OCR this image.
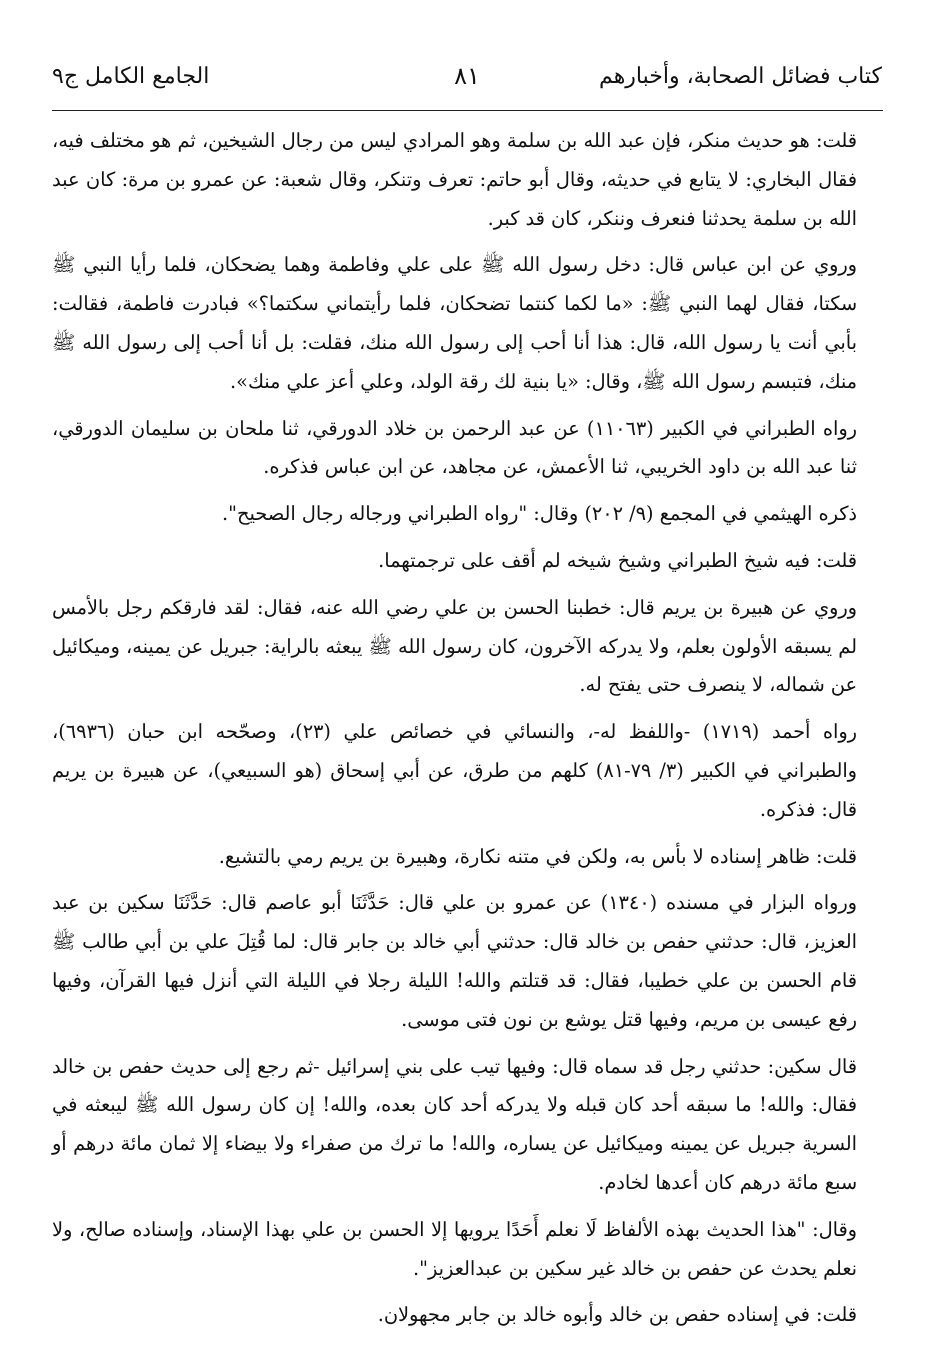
كتاب فضائل الصحابة، وأخبارهم
٨١
الجامع الكامل ج٩

قلت: هو حديث منكر، فإن عبد الله بن سلمة وهو المرادي ليس من رجال الشيخين، ثم هو مختلف فيه، فقال البخاري: لا يتابع في حديثه، وقال أبو حاتم: تعرف وتنكر، وقال شعبة: عن عمرو بن مرة: كان عبد الله بن سلمة يحدثنا فنعرف وننكر، كان قد كبر.

وروي عن ابن عباس قال: دخل رسول الله ﷺ على علي وفاطمة وهما يضحكان، فلما رأيا النبي ﷺ سكتا، فقال لهما النبي ﷺ: «ما لكما كنتما تضحكان، فلما رأيتماني سكتما؟» فبادرت فاطمة، فقالت: بأبي أنت يا رسول الله، قال: هذا أنا أحب إلى رسول الله منك، فقلت: بل أنا أحب إلى رسول الله ﷺ منك، فتبسم رسول الله ﷺ، وقال: «يا بنية لك رقة الولد، وعلي أعز علي منك».

رواه الطبراني في الكبير (١١٠٦٣) عن عبد الرحمن بن خلاد الدورقي، ثنا ملحان بن سليمان الدورقي، ثنا عبد الله بن داود الخريبي، ثنا الأعمش، عن مجاهد، عن ابن عباس فذكره.

ذكره الهيثمي في المجمع (٩/ ٢٠٢) وقال: "رواه الطبراني ورجاله رجال الصحيح".

قلت: فيه شيخ الطبراني وشيخ شيخه لم أقف على ترجمتهما.

وروي عن هبيرة بن يريم قال: خطبنا الحسن بن علي رضي الله عنه، فقال: لقد فارقكم رجل بالأمس لم يسبقه الأولون بعلم، ولا يدركه الآخرون، كان رسول الله ﷺ يبعثه بالراية: جبريل عن يمينه، وميكائيل عن شماله، لا ينصرف حتى يفتح له.

رواه أحمد (١٧١٩) -واللفظ له-، والنسائي في خصائص علي (٢٣)، وصحّحه ابن حبان (٦٩٣٦)، والطبراني في الكبير (٣/ ٧٩-٨١) كلهم من طرق، عن أبي إسحاق (هو السبيعي)، عن هبيرة بن يريم قال: فذكره.

قلت: ظاهر إسناده لا بأس به، ولكن في متنه نكارة، وهبيرة بن يريم رمي بالتشيع.

ورواه البزار في مسنده (١٣٤٠) عن عمرو بن علي قال: حَدَّثَنَا أبو عاصم قال: حَدَّثَنَا سكين بن عبد العزيز، قال: حدثني حفص بن خالد قال: حدثني أبي خالد بن جابر قال: لما قُتِلَ علي بن أبي طالب ﷺ قام الحسن بن علي خطيبا، فقال: قد قتلتم والله! الليلة رجلا في الليلة التي أنزل فيها القرآن، وفيها رفع عيسى بن مريم، وفيها قتل يوشع بن نون فتى موسى.

قال سكين: حدثني رجل قد سماه قال: وفيها تيب على بني إسرائيل -ثم رجع إلى حديث حفص بن خالد فقال: والله! ما سبقه أحد كان قبله ولا يدركه أحد كان بعده، والله! إن كان رسول الله ﷺ ليبعثه في السرية جبريل عن يمينه وميكائيل عن يساره، والله! ما ترك من صفراء ولا بيضاء إلا ثمان مائة درهم أو سبع مائة درهم كان أعدها لخادم.

وقال: "هذا الحديث بهذه الألفاظ لَا نعلم أَحَدًا يرويها إلا الحسن بن علي بهذا الإسناد، وإسناده صالح، ولا نعلم يحدث عن حفص بن خالد غير سكين بن عبدالعزيز".

قلت: في إسناده حفص بن خالد وأبوه خالد بن جابر مجهولان.
